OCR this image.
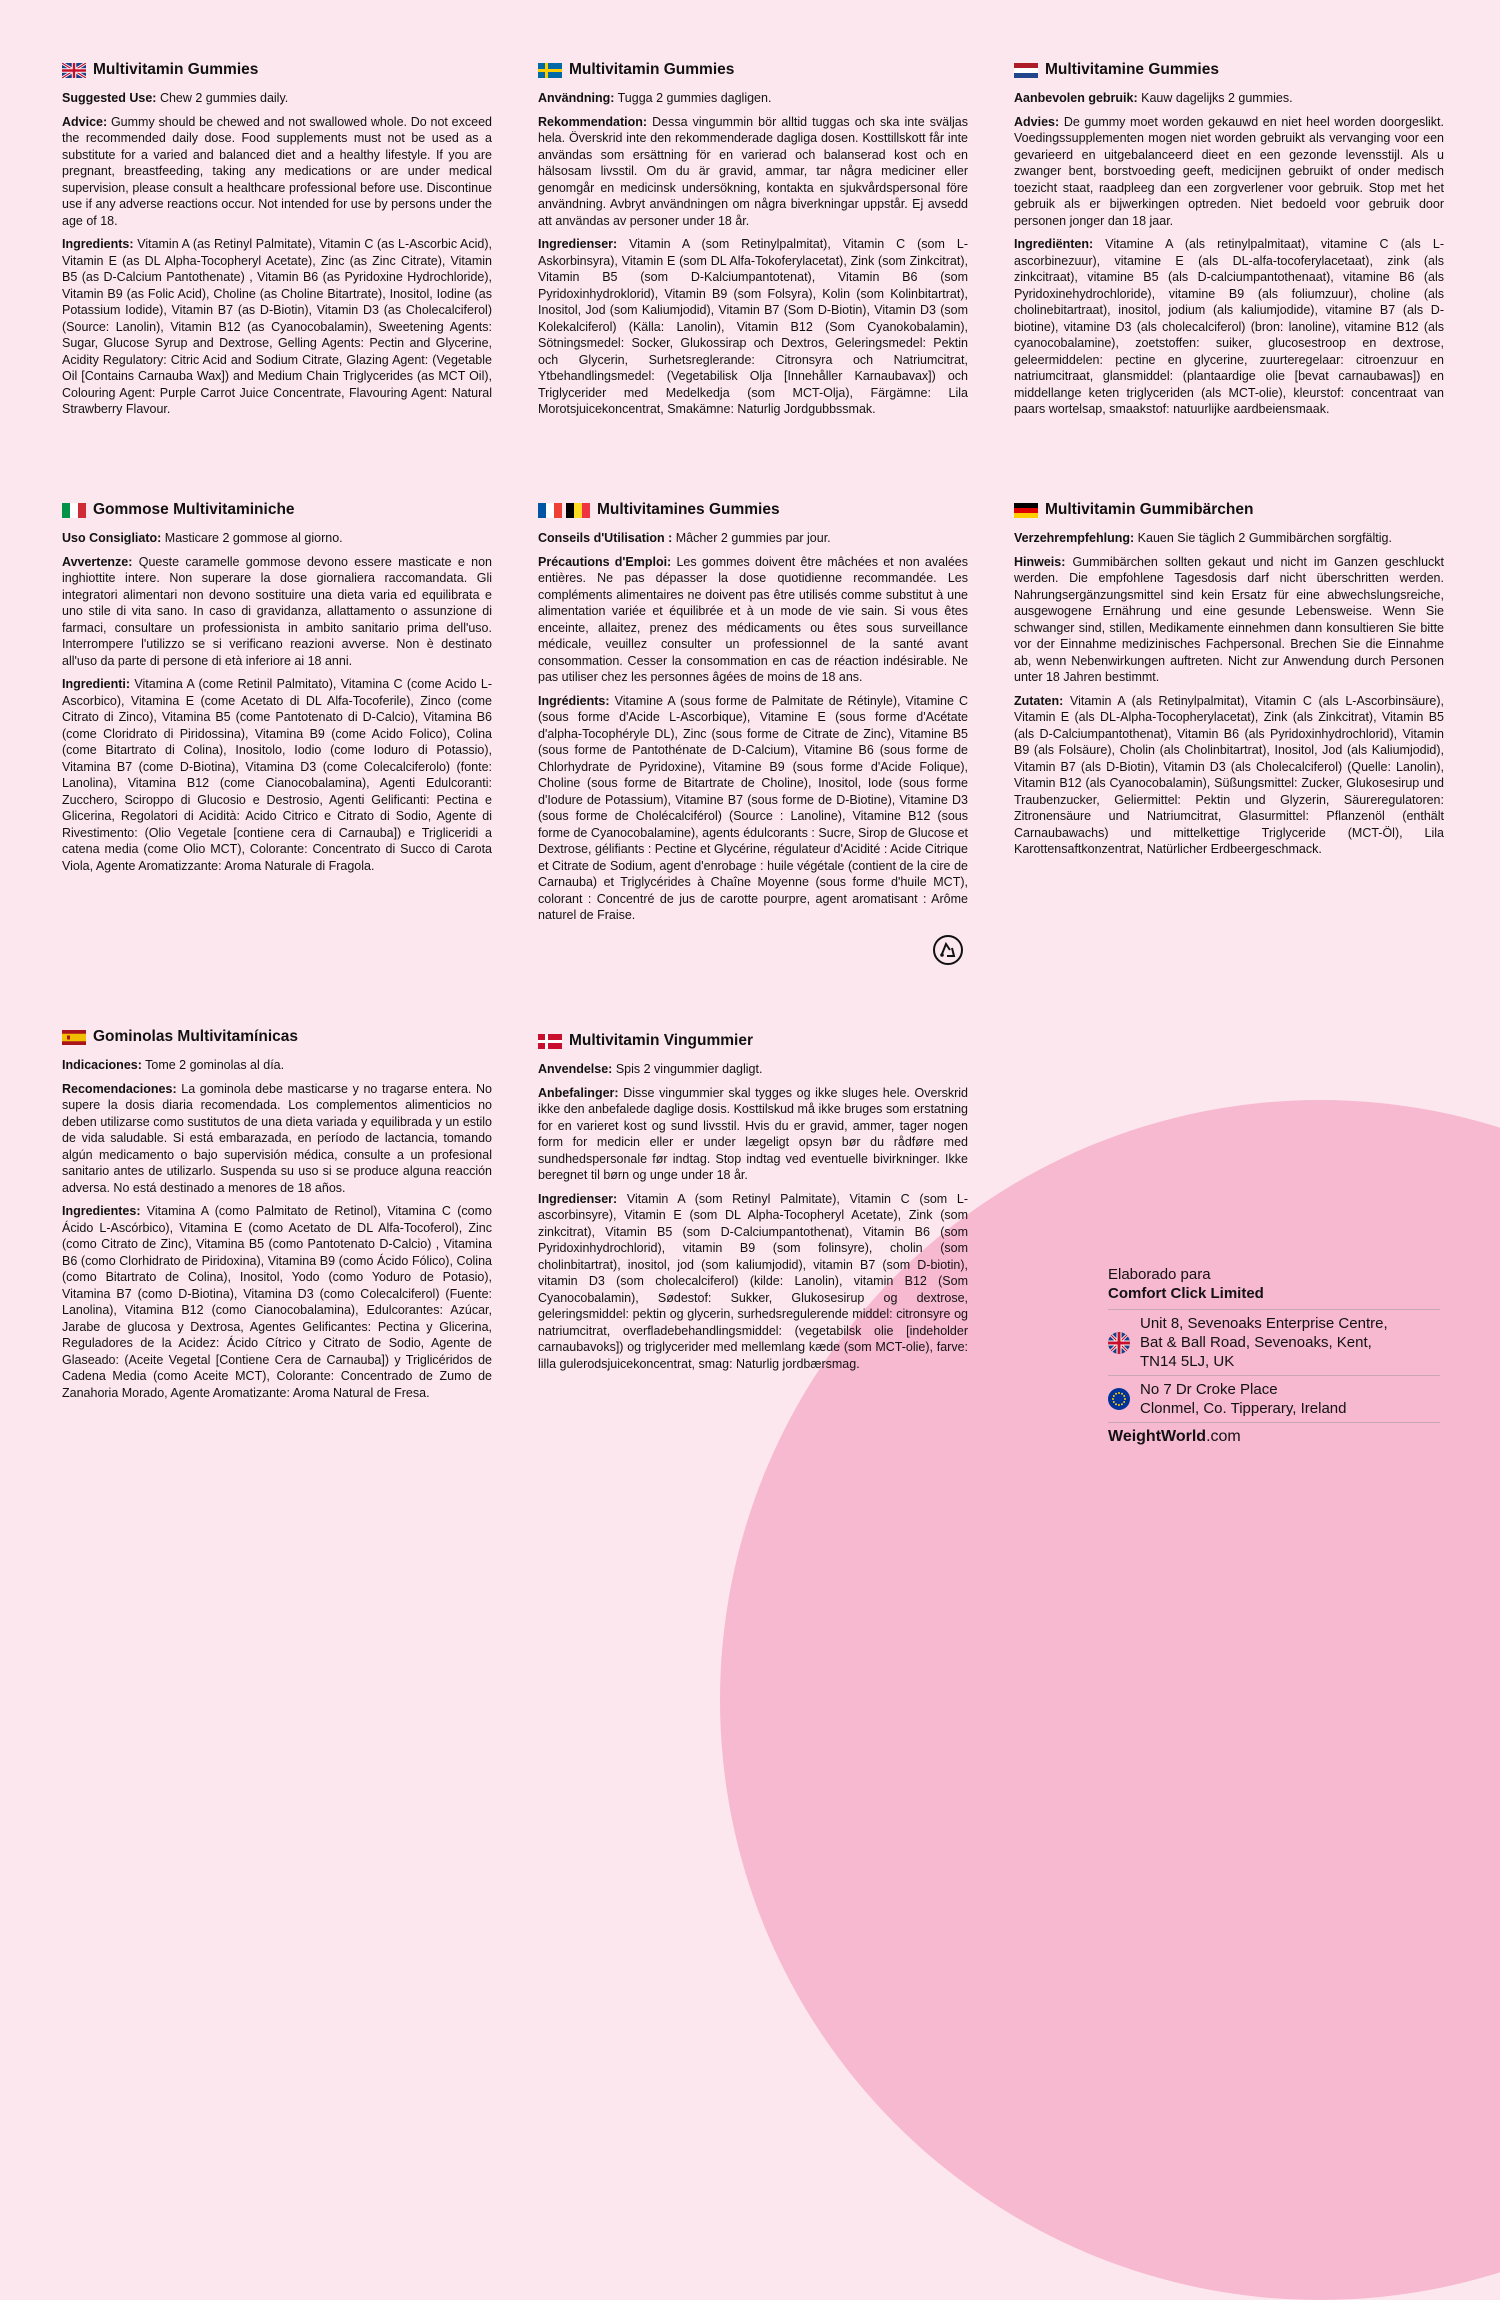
Multivitamin Gummies

Suggested Use: Chew 2 gummies daily.

Advice: Gummy should be chewed and not swallowed whole. Do not exceed the recommended daily dose. Food supplements must not be used as a substitute for a varied and balanced diet and a healthy lifestyle. If you are pregnant, breastfeeding, taking any medications or are under medical supervision, please consult a healthcare professional before use. Discontinue use if any adverse reactions occur. Not intended for use by persons under the age of 18.

Ingredients: Vitamin A (as Retinyl Palmitate), Vitamin C (as L-Ascorbic Acid), Vitamin E (as DL Alpha-Tocopheryl Acetate), Zinc (as Zinc Citrate), Vitamin B5 (as D-Calcium Pantothenate) , Vitamin B6 (as Pyridoxine Hydrochloride), Vitamin B9 (as Folic Acid), Choline (as Choline Bitartrate), Inositol, Iodine (as Potassium Iodide), Vitamin B7 (as D-Biotin), Vitamin D3 (as Cholecalciferol) (Source: Lanolin), Vitamin B12 (as Cyanocobalamin), Sweetening Agents: Sugar, Glucose Syrup and Dextrose, Gelling Agents: Pectin and Glycerine, Acidity Regulatory: Citric Acid and Sodium Citrate, Glazing Agent: (Vegetable Oil [Contains Carnauba Wax]) and Medium Chain Triglycerides (as MCT Oil), Colouring Agent: Purple Carrot Juice Concentrate, Flavouring Agent: Natural Strawberry Flavour.

Multivitamin Gummies

Användning: Tugga 2 gummies dagligen.

Rekommendation: Dessa vingummin bör alltid tuggas och ska inte sväljas hela. Överskrid inte den rekommenderade dagliga dosen. Kosttillskott får inte användas som ersättning för en varierad och balanserad kost och en hälsosam livsstil. Om du är gravid, ammar, tar några mediciner eller genomgår en medicinsk undersökning, kontakta en sjukvårdspersonal före användning. Avbryt användningen om några biverkningar uppstår. Ej avsedd att användas av personer under 18 år.

Ingredienser: Vitamin A (som Retinylpalmitat), Vitamin C (som L-Askorbinsyra), Vitamin E (som DL Alfa-Tokoferylacetat), Zink (som Zinkcitrat), Vitamin B5 (som D-Kalciumpantotenat), Vitamin B6 (som Pyridoxinhydroklorid), Vitamin B9 (som Folsyra), Kolin (som Kolinbitartrat), Inositol, Jod (som Kaliumjodid), Vitamin B7 (Som D-Biotin), Vitamin D3 (som Kolekalciferol) (Källa: Lanolin), Vitamin B12 (Som Cyanokobalamin), Sötningsmedel: Socker, Glukossirap och Dextros, Geleringsmedel: Pektin och Glycerin, Surhetsreglerande: Citronsyra och Natriumcitrat, Ytbehandlingsmedel: (Vegetabilisk Olja [Innehåller Karnaubavax]) och Triglycerider med Medelkedja (som MCT-Olja), Färgämne: Lila Morotsjuicekoncentrat, Smakämne: Naturlig Jordgubbssmak.

Multivitamine Gummies

Aanbevolen gebruik: Kauw dagelijks 2 gummies.

Advies: De gummy moet worden gekauwd en niet heel worden doorgeslikt. Voedingssupplementen mogen niet worden gebruikt als vervanging voor een gevarieerd en uitgebalanceerd dieet en een gezonde levensstijl. Als u zwanger bent, borstvoeding geeft, medicijnen gebruikt of onder medisch toezicht staat, raadpleeg dan een zorgverlener voor gebruik. Stop met het gebruik als er bijwerkingen optreden. Niet bedoeld voor gebruik door personen jonger dan 18 jaar.

Ingrediënten: Vitamine A (als retinylpalmitaat), vitamine C (als L-ascorbinezuur), vitamine E (als DL-alfa-tocoferylacetaat), zink (als zinkcitraat), vitamine B5 (als D-calciumpantothenaat), vitamine B6 (als Pyridoxinehydrochloride), vitamine B9 (als foliumzuur), choline (als cholinebitartraat), inositol, jodium (als kaliumjodide), vitamine B7 (als D-biotine), vitamine D3 (als cholecalciferol) (bron: lanoline), vitamine B12 (als cyanocobalamine), zoetstoffen: suiker, glucosestroop en dextrose, geleermiddelen: pectine en glycerine, zuurteregelaar: citroenzuur en natriumcitraat, glansmiddel: (plantaardige olie [bevat carnaubawas]) en middellange keten triglyceriden (als MCT-olie), kleurstof: concentraat van paars wortelsap, smaakstof: natuurlijke aardbeiensmaak.

Gommose Multivitaminiche

Uso Consigliato: Masticare 2 gommose al giorno.

Avvertenze: Queste caramelle gommose devono essere masticate e non inghiottite intere. Non superare la dose giornaliera raccomandata. Gli integratori alimentari non devono sostituire una dieta varia ed equilibrata e uno stile di vita sano. In caso di gravidanza, allattamento o assunzione di farmaci, consultare un professionista in ambito sanitario prima dell'uso. Interrompere l'utilizzo se si verificano reazioni avverse. Non è destinato all'uso da parte di persone di età inferiore ai 18 anni.

Ingredienti: Vitamina A (come Retinil Palmitato), Vitamina C (come Acido L-Ascorbico), Vitamina E (come Acetato di DL Alfa-Tocoferile), Zinco (come Citrato di Zinco), Vitamina B5 (come Pantotenato di D-Calcio), Vitamina B6 (come Cloridrato di Piridossina), Vitamina B9 (come Acido Folico), Colina (come Bitartrato di Colina), Inositolo, Iodio (come Ioduro di Potassio), Vitamina B7 (come D-Biotina), Vitamina D3 (come Colecalciferolo) (fonte: Lanolina), Vitamina B12 (come Cianocobalamina), Agenti Edulcoranti: Zucchero, Sciroppo di Glucosio e Destrosio, Agenti Gelificanti: Pectina e Glicerina, Regolatori di Acidità: Acido Citrico e Citrato di Sodio, Agente di Rivestimento: (Olio Vegetale [contiene cera di Carnauba]) e Trigliceridi a catena media (come Olio MCT), Colorante: Concentrato di Succo di Carota Viola, Agente Aromatizzante: Aroma Naturale di Fragola.

Multivitamines Gummies

Conseils d'Utilisation : Mâcher 2 gummies par jour.

Précautions d'Emploi: Les gommes doivent être mâchées et non avalées entières. Ne pas dépasser la dose quotidienne recommandée. Les compléments alimentaires ne doivent pas être utilisés comme substitut à une alimentation variée et équilibrée et à un mode de vie sain. Si vous êtes enceinte, allaitez, prenez des médicaments ou êtes sous surveillance médicale, veuillez consulter un professionnel de la santé avant consommation. Cesser la consommation en cas de réaction indésirable. Ne pas utiliser chez les personnes âgées de moins de 18 ans.

Ingrédients: Vitamine A (sous forme de Palmitate de Rétinyle), Vitamine C (sous forme d'Acide L-Ascorbique), Vitamine E (sous forme d'Acétate d'alpha-Tocophéryle DL), Zinc (sous forme de Citrate de Zinc), Vitamine B5 (sous forme de Pantothénate de D-Calcium), Vitamine B6 (sous forme de Chlorhydrate de Pyridoxine), Vitamine B9 (sous forme d'Acide Folique), Choline (sous forme de Bitartrate de Choline), Inositol, Iode (sous forme d'Iodure de Potassium), Vitamine B7 (sous forme de D-Biotine), Vitamine D3 (sous forme de Cholécalciférol) (Source : Lanoline), Vitamine B12 (sous forme de Cyanocobalamine), agents édulcorants : Sucre, Sirop de Glucose et Dextrose, gélifiants : Pectine et Glycérine, régulateur d'Acidité : Acide Citrique et Citrate de Sodium, agent d'enrobage : huile végétale (contient de la cire de Carnauba) et Triglycérides à Chaîne Moyenne (sous forme d'huile MCT), colorant : Concentré de jus de carotte pourpre, agent aromatisant : Arôme naturel de Fraise.

Multivitamin Gummibärchen

Verzehrempfehlung: Kauen Sie täglich 2 Gummibärchen sorgfältig.

Hinweis: Gummibärchen sollten gekaut und nicht im Ganzen geschluckt werden. Die empfohlene Tagesdosis darf nicht überschritten werden. Nahrungsergänzungsmittel sind kein Ersatz für eine abwechslungsreiche, ausgewogene Ernährung und eine gesunde Lebensweise. Wenn Sie schwanger sind, stillen, Medikamente einnehmen dann konsultieren Sie bitte vor der Einnahme medizinisches Fachpersonal. Brechen Sie die Einnahme ab, wenn Nebenwirkungen auftreten. Nicht zur Anwendung durch Personen unter 18 Jahren bestimmt.

Zutaten: Vitamin A (als Retinylpalmitat), Vitamin C (als L-Ascorbinsäure), Vitamin E (als DL-Alpha-Tocopherylacetat), Zink (als Zinkcitrat), Vitamin B5 (als D-Calciumpantothenat), Vitamin B6 (als Pyridoxinhydrochlorid), Vitamin B9 (als Folsäure), Cholin (als Cholinbitartrat), Inositol, Jod (als Kaliumjodid), Vitamin B7 (als D-Biotin), Vitamin D3 (als Cholecalciferol) (Quelle: Lanolin), Vitamin B12 (als Cyanocobalamin), Süßungsmittel: Zucker, Glukosesirup und Traubenzucker, Geliermittel: Pektin und Glyzerin, Säureregulatoren: Zitronensäure und Natriumcitrat, Glasurmittel: Pflanzenöl (enthält Carnaubawachs) und mittelkettige Triglyceride (MCT-Öl), Lila Karottensaftkonzentrat, Natürlicher Erdbeergeschmack.

Gominolas Multivitamínicas

Indicaciones: Tome 2 gominolas al día.

Recomendaciones: La gominola debe masticarse y no tragarse entera. No supere la dosis diaria recomendada. Los complementos alimenticios no deben utilizarse como sustitutos de una dieta variada y equilibrada y un estilo de vida saludable. Si está embarazada, en período de lactancia, tomando algún medicamento o bajo supervisión médica, consulte a un profesional sanitario antes de utilizarlo. Suspenda su uso si se produce alguna reacción adversa. No está destinado a menores de 18 años.

Ingredientes: Vitamina A (como Palmitato de Retinol), Vitamina C (como Ácido L-Ascórbico), Vitamina E (como Acetato de DL Alfa-Tocoferol), Zinc (como Citrato de Zinc), Vitamina B5 (como Pantotenato D-Calcio) , Vitamina B6 (como Clorhidrato de Piridoxina), Vitamina B9 (como Ácido Fólico), Colina (como Bitartrato de Colina), Inositol, Yodo (como Yoduro de Potasio), Vitamina B7 (como D-Biotina), Vitamina D3 (como Colecalciferol) (Fuente: Lanolina), Vitamina B12 (como Cianocobalamina), Edulcorantes: Azúcar, Jarabe de glucosa y Dextrosa, Agentes Gelificantes: Pectina y Glicerina, Reguladores de la Acidez: Ácido Cítrico y Citrato de Sodio, Agente de Glaseado: (Aceite Vegetal [Contiene Cera de Carnauba]) y Triglicéridos de Cadena Media (como Aceite MCT), Colorante: Concentrado de Zumo de Zanahoria Morado, Agente Aromatizante: Aroma Natural de Fresa.

Multivitamin Vingummier

Anvendelse: Spis 2 vingummier dagligt.

Anbefalinger: Disse vingummier skal tygges og ikke sluges hele. Overskrid ikke den anbefalede daglige dosis. Kosttilskud må ikke bruges som erstatning for en varieret kost og sund livsstil. Hvis du er gravid, ammer, tager nogen form for medicin eller er under lægeligt opsyn bør du rådføre med sundhedspersonale før indtag. Stop indtag ved eventuelle bivirkninger. Ikke beregnet til børn og unge under 18 år.

Ingredienser: Vitamin A (som Retinyl Palmitate), Vitamin C (som L-ascorbinsyre), Vitamin E (som DL Alpha-Tocopheryl Acetate), Zink (som zinkcitrat), Vitamin B5 (som D-Calciumpantothenat), Vitamin B6 (som Pyridoxinhydrochlorid), vitamin B9 (som folinsyre), cholin (som cholinbitartrat), inositol, jod (som kaliumjodid), vitamin B7 (som D-biotin), vitamin D3 (som cholecalciferol) (kilde: Lanolin), vitamin B12 (Som Cyanocobalamin), Sødestof: Sukker, Glukosesirup og dextrose, geleringsmiddel: pektin og glycerin, surhedsregulerende middel: citronsyre og natriumcitrat, overfladebehandlingsmiddel: (vegetabilsk olie [indeholder carnaubavoks]) og triglycerider med mellemlang kæde (som MCT-olie), farve: lilla gulerodsjuicekoncentrat, smag: Naturlig jordbærsmag.

Elaborado para
Comfort Click Limited
Unit 8, Sevenoaks Enterprise Centre,
Bat & Ball Road, Sevenoaks, Kent,
TN14 5LJ, UK
No 7 Dr Croke Place
Clonmel, Co. Tipperary, Ireland
WeightWorld.com
